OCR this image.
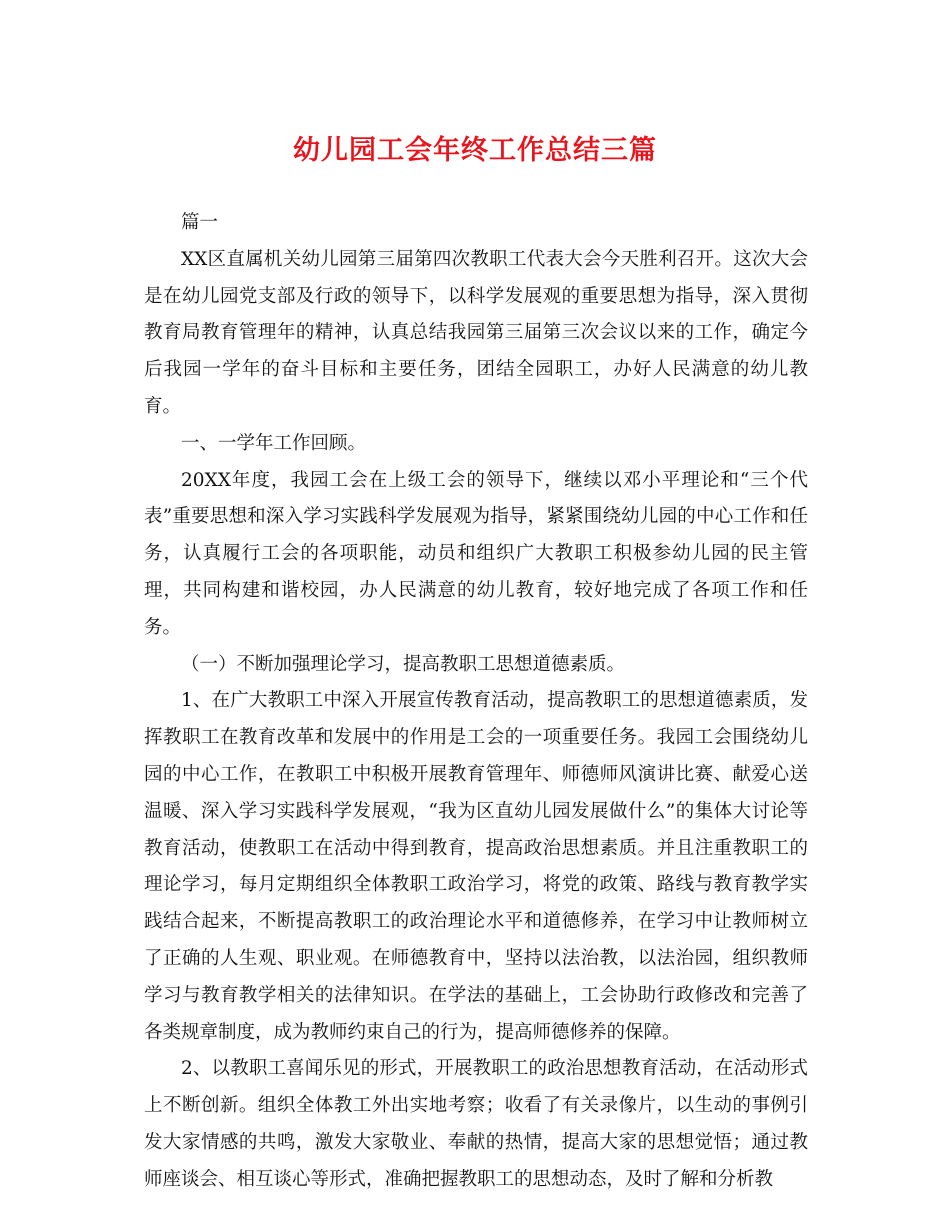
幼儿园工会年终工作总结三篇

篇一

XX区直属机关幼儿园第三届第四次教职工代表大会今天胜利召开。这次大会是在幼儿园党支部及行政的领导下，以科学发展观的重要思想为指导，深入贯彻教育局教育管理年的精神，认真总结我园第三届第三次会议以来的工作，确定今后我园一学年的奋斗目标和主要任务，团结全园职工，办好人民满意的幼儿教育。

一、一学年工作回顾。

20XX年度，我园工会在上级工会的领导下，继续以邓小平理论和“三个代表”重要思想和深入学习实践科学发展观为指导，紧紧围绕幼儿园的中心工作和任务，认真履行工会的各项职能，动员和组织广大教职工积极参幼儿园的民主管理，共同构建和谐校园，办人民满意的幼儿教育，较好地完成了各项工作和任务。

（一）不断加强理论学习，提高教职工思想道德素质。

1、在广大教职工中深入开展宣传教育活动，提高教职工的思想道德素质，发挥教职工在教育改革和发展中的作用是工会的一项重要任务。我园工会围绕幼儿园的中心工作，在教职工中积极开展教育管理年、师德师风演讲比赛、献爱心送温暖、深入学习实践科学发展观，“我为区直幼儿园发展做什么”的集体大讨论等教育活动，使教职工在活动中得到教育，提高政治思想素质。并且注重教职工的理论学习，每月定期组织全体教职工政治学习，将党的政策、路线与教育教学实践结合起来，不断提高教职工的政治理论水平和道德修养，在学习中让教师树立了正确的人生观、职业观。在师德教育中，坚持以法治教，以法治园，组织教师学习与教育教学相关的法律知识。在学法的基础上，工会协助行政修改和完善了各类规章制度，成为教师约束自己的行为，提高师德修养的保障。

2、以教职工喜闻乐见的形式，开展教职工的政治思想教育活动，在活动形式上不断创新。组织全体教工外出实地考察；收看了有关录像片，以生动的事例引发大家情感的共鸣，激发大家敬业、奉献的热情，提高大家的思想觉悟；通过教师座谈会、相互谈心等形式，准确把握教职工的思想动态，及时了解和分析教
